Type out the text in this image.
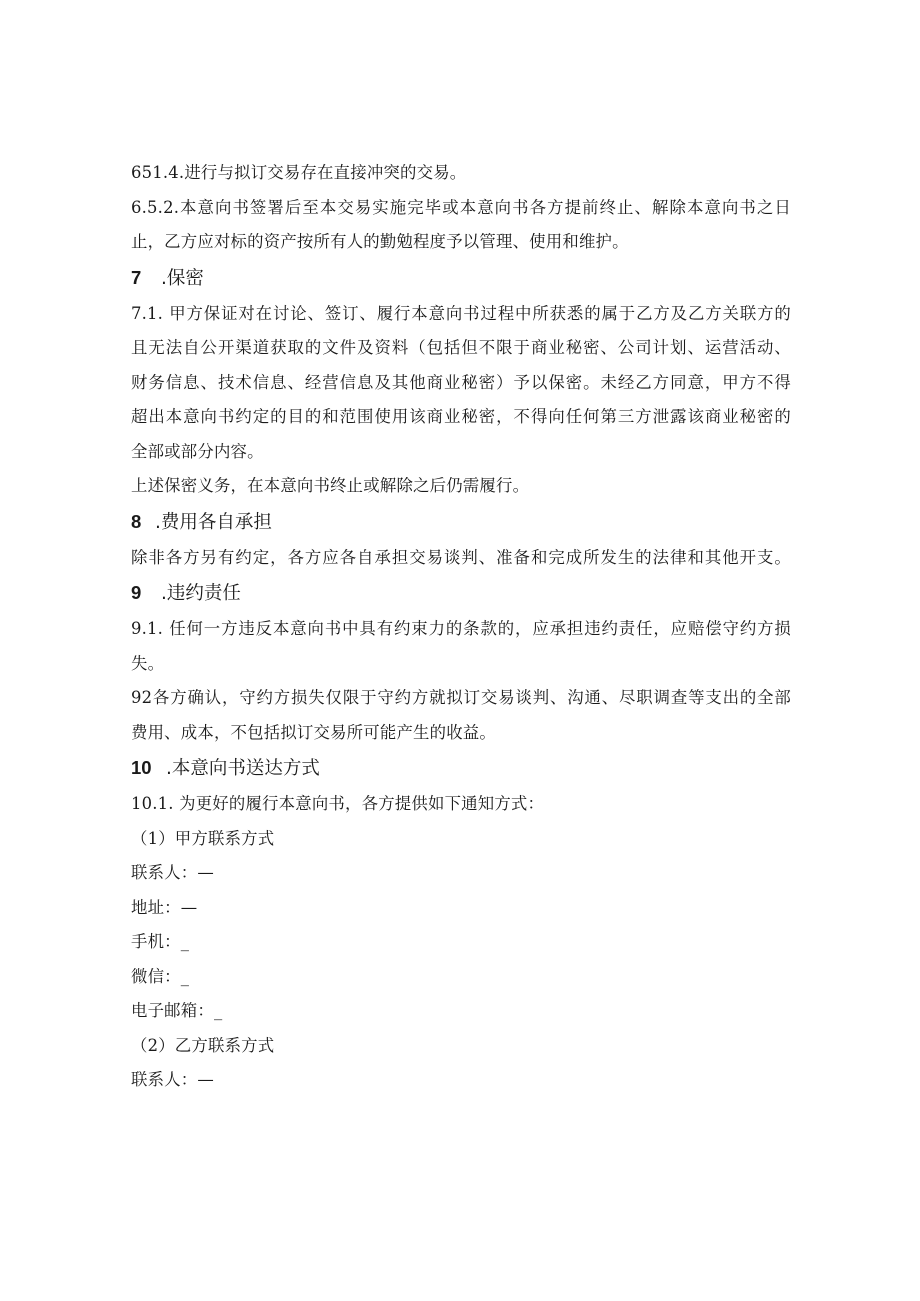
651.4.进行与拟订交易存在直接冲突的交易。
6.5.2.本意向书签署后至本交易实施完毕或本意向书各方提前终止、解除本意向书之日
止，乙方应对标的资产按所有人的勤勉程度予以管理、使用和维护。
7 .保密
7.1. 甲方保证对在讨论、签订、履行本意向书过程中所获悉的属于乙方及乙方关联方的
且无法自公开渠道获取的文件及资料（包括但不限于商业秘密、公司计划、运营活动、
财务信息、技术信息、经营信息及其他商业秘密）予以保密。未经乙方同意，甲方不得
超出本意向书约定的目的和范围使用该商业秘密，不得向任何第三方泄露该商业秘密的
全部或部分内容。
上述保密义务，在本意向书终止或解除之后仍需履行。
8 .费用各自承担
除非各方另有约定，各方应各自承担交易谈判、准备和完成所发生的法律和其他开支。
9 .违约责任
9.1. 任何一方违反本意向书中具有约束力的条款的，应承担违约责任，应赔偿守约方损
失。
92各方确认，守约方损失仅限于守约方就拟订交易谈判、沟通、尽职调查等支出的全部
费用、成本，不包括拟订交易所可能产生的收益。
10 .本意向书送达方式
10.1. 为更好的履行本意向书，各方提供如下通知方式：
（1）甲方联系方式
联系人：—
地址：—
手机：_
微信：_
电子邮箱：_
（2）乙方联系方式
联系人：—
